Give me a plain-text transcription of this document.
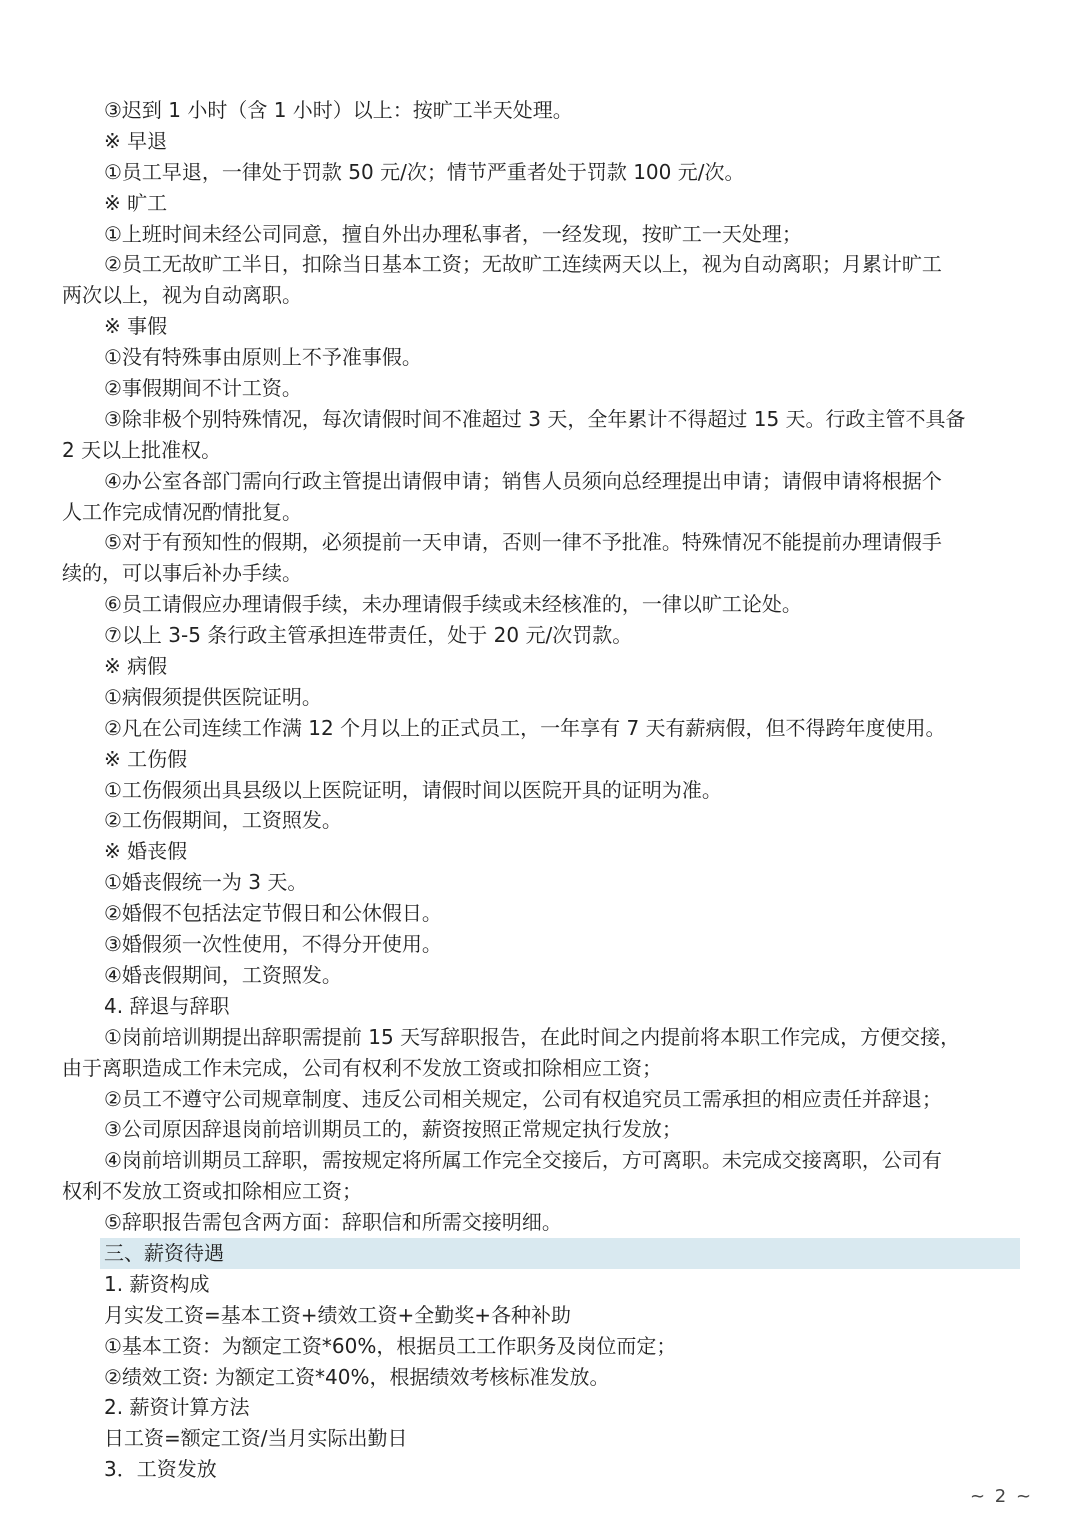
③迟到 1 小时（含 1 小时）以上：按旷工半天处理。
※ 早退
①员工早退，一律处于罚款 50 元/次；情节严重者处于罚款 100 元/次。
※ 旷工
①上班时间未经公司同意，擅自外出办理私事者，一经发现，按旷工一天处理；
②员工无故旷工半日，扣除当日基本工资；无故旷工连续两天以上，视为自动离职；月累计旷工
两次以上，视为自动离职。
※ 事假
①没有特殊事由原则上不予准事假。
②事假期间不计工资。
③除非极个别特殊情况，每次请假时间不准超过 3 天，全年累计不得超过 15 天。行政主管不具备
2 天以上批准权。
④办公室各部门需向行政主管提出请假申请；销售人员须向总经理提出申请；请假申请将根据个
人工作完成情况酌情批复。
⑤对于有预知性的假期，必须提前一天申请，否则一律不予批准。特殊情况不能提前办理请假手
续的，可以事后补办手续。
⑥员工请假应办理请假手续，未办理请假手续或未经核准的，一律以旷工论处。
⑦以上 3-5 条行政主管承担连带责任，处于 20 元/次罚款。
※ 病假
①病假须提供医院证明。
②凡在公司连续工作满 12 个月以上的正式员工，一年享有 7 天有薪病假，但不得跨年度使用。
※ 工伤假
①工伤假须出具县级以上医院证明，请假时间以医院开具的证明为准。
②工伤假期间，工资照发。
※ 婚丧假
①婚丧假统一为 3 天。
②婚假不包括法定节假日和公休假日。
③婚假须一次性使用，不得分开使用。
④婚丧假期间，工资照发。
4. 辞退与辞职
①岗前培训期提出辞职需提前 15 天写辞职报告，在此时间之内提前将本职工作完成，方便交接，
由于离职造成工作未完成，公司有权利不发放工资或扣除相应工资；
②员工不遵守公司规章制度、违反公司相关规定，公司有权追究员工需承担的相应责任并辞退；
③公司原因辞退岗前培训期员工的，薪资按照正常规定执行发放；
④岗前培训期员工辞职，需按规定将所属工作完全交接后，方可离职。未完成交接离职，公司有
权利不发放工资或扣除相应工资；
⑤辞职报告需包含两方面：辞职信和所需交接明细。
三、薪资待遇
1. 薪资构成
月实发工资=基本工资+绩效工资+全勤奖+各种补助
①基本工资：为额定工资*60%，根据员工工作职务及岗位而定；
②绩效工资: 为额定工资*40%，根据绩效考核标准发放。
2. 薪资计算方法
日工资=额定工资/当月实际出勤日
3．工资发放
~ 2 ~
